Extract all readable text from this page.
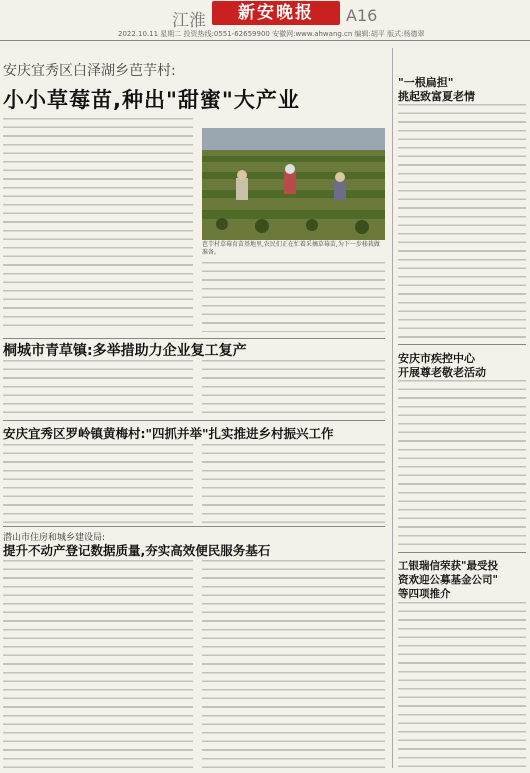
江淮	新安晚报	A16
2022.10.11 星期二 投资热线:0551-62659900 安徽网:www.ahwang.cn 编辑:胡平 版式:杨德翠
安庆宜秀区白泽湖乡芭芋村:
小小草莓苗,种出"甜蜜"大产业
芭芋村草莓育苗基地里,农民们正在忙着采摘草莓苗,为下一步移栽做准备。
桐城市青草镇:多举措助力企业复工复产
安庆宜秀区罗岭镇黄梅村:"四抓并举"扎实推进乡村振兴工作
潜山市住房和城乡建设局:
提升不动产登记数据质量,夯实高效便民服务基石
"一根扁担"
挑起致富夏老情
安庆市疾控中心
开展尊老敬老活动
工银瑞信荣获"最受投
资欢迎公募基金公司"
等四项推介
